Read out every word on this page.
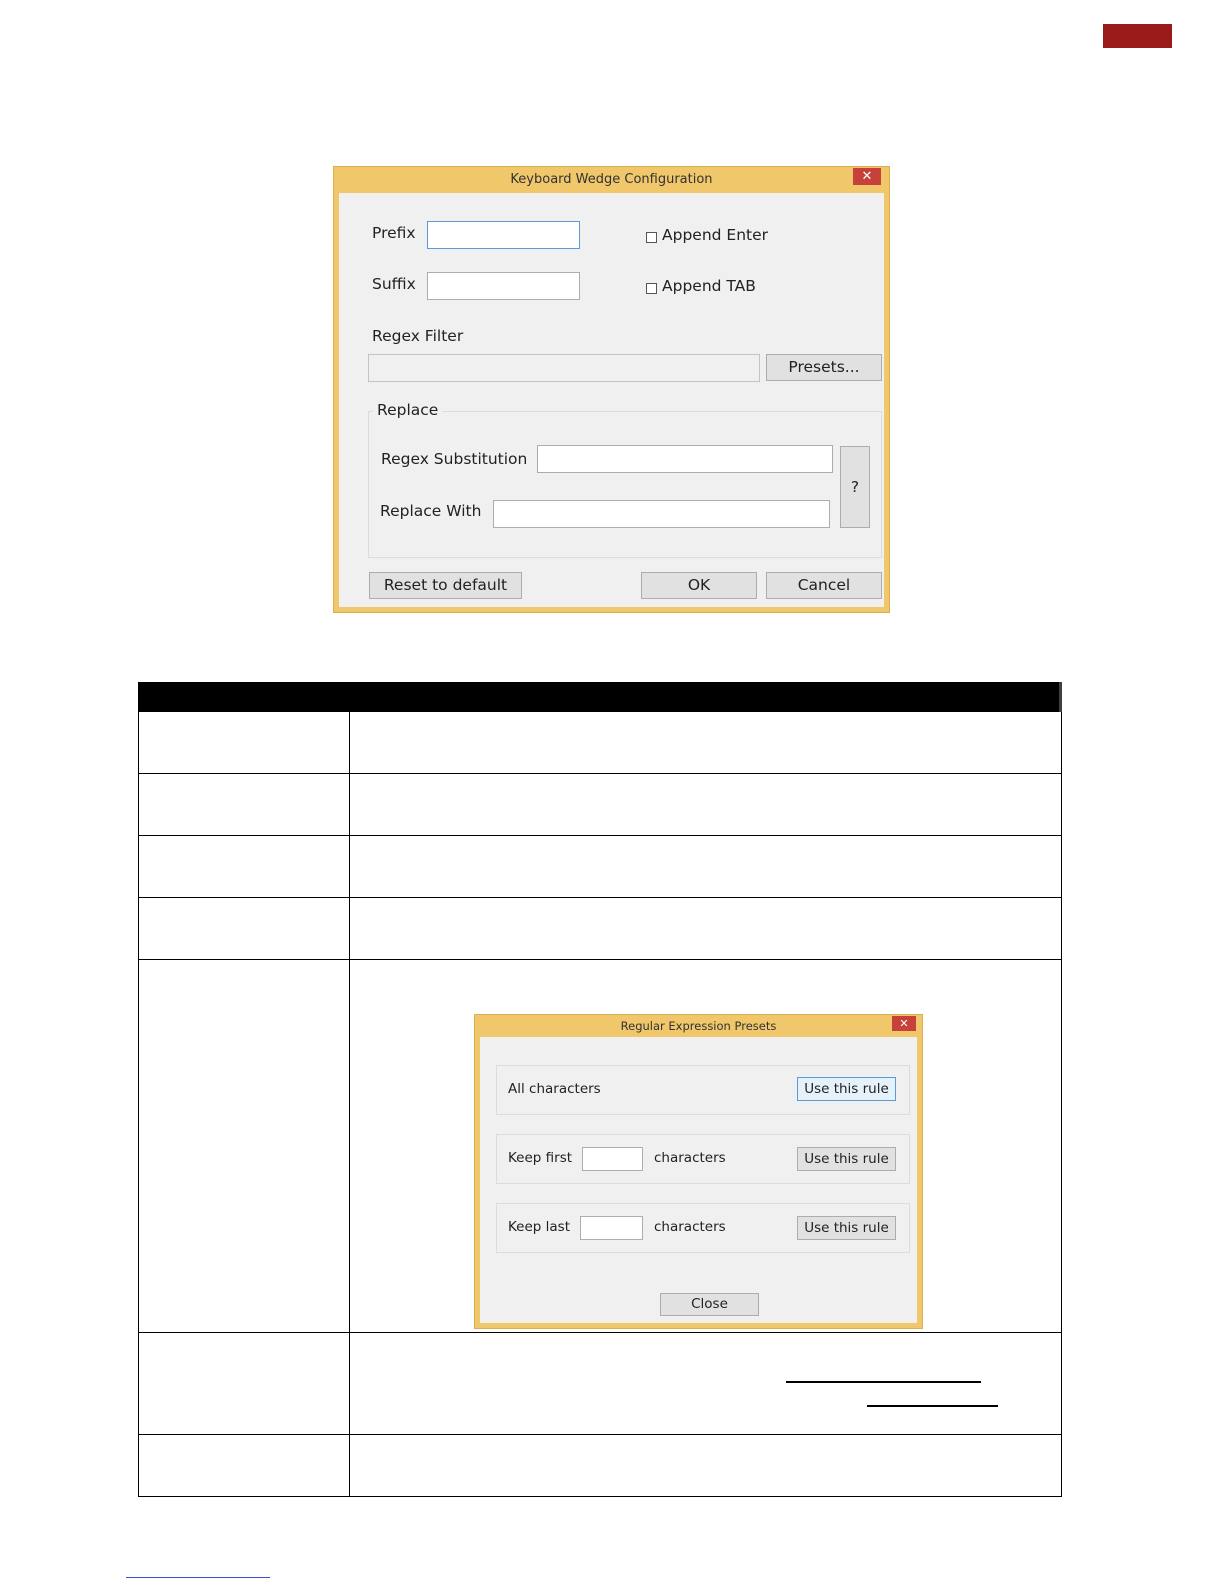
Keyboard Wedge Configuration	✕
Prefix
Suffix
Append Enter
Append TAB
Regex Filter
Presets...
Replace
Regex Substitution
Replace With
?
Reset to default	OK	Cancel
Regular Expression Presets	✕
All characters	Use this rule
Keep first	characters	Use this rule
Keep last	characters	Use this rule
Close
